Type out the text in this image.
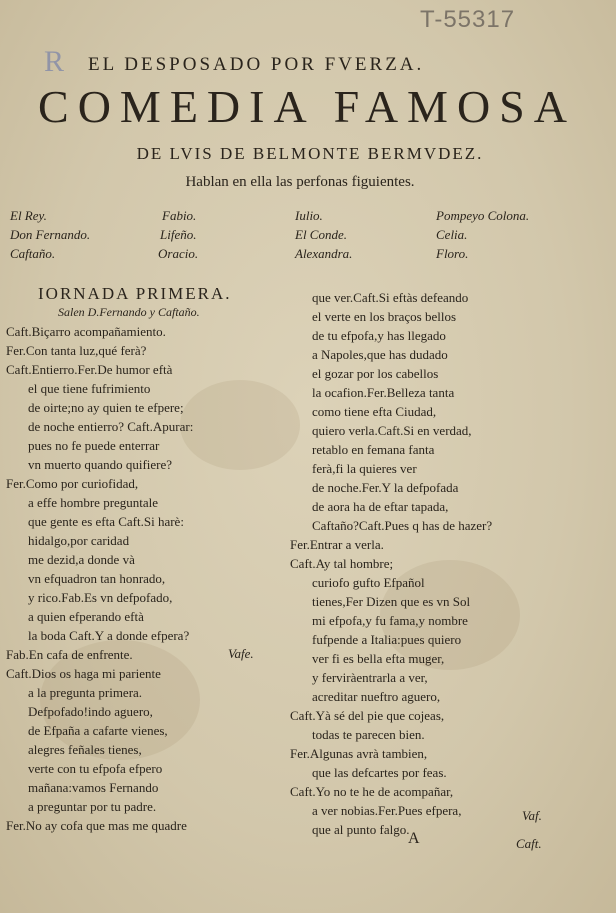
T-55317
R EL DESPOSADO POR FVERZA.
COMEDIA FAMOSA
DE LVIS DE BELMONTE BERMVDEZ.
Hablan en ella las perfonas figuientes.
El Rey.
Don Fernando.
Caftaño.
Fabio.
Lifeño.
Oracio.
Iulio.
El Conde.
Alexandra.
Pompeyo Colona.
Celia.
Floro.
IORNADA PRIMERA.
Salen D.Fernando y Caftaño.
Caft.Biçarro acompañamiento.
Fer.Con tanta luz,qué ferà?
Caft.Entierro.Fer.De humor eftà
el que tiene fufrimiento
de oirte;no ay quien te efpere;
de noche entierro? Caft.Apurar:
pues no fe puede enterrar
vn muerto quando quifiere?
Fer.Como por curiofidad,
a effe hombre preguntale
que gente es efta Caft.Si harè:
hidalgo,por caridad
me dezid,a donde và
vn efquadron tan honrado,
y rico.Fab.Es vn defpofado,
a quien efperando eftà
la boda Caft.Y a donde efpera?
Fab.En cafa de enfrente.
Caft.Dios os haga mi pariente
a la pregunta primera.
Defpofado!indo aguero,
de Efpaña a cafarte vienes,
alegres feñales tienes,
verte con tu efpofa efpero
mañana:vamos Fernando
a preguntar por tu padre.
Fer.No ay cofa que mas me quadre
Vafe.
que ver.Caft.Si eftàs defeando
el verte en los braços bellos
de tu efpofa,y has llegado
a Napoles,que has dudado
el gozar por los cabellos
la ocafion.Fer.Belleza tanta
como tiene efta Ciudad,
quiero verla.Caft.Si en verdad,
retablo en femana fanta
ferà,fi la quieres ver
de noche.Fer.Y la defpofada
de aora ha de eftar tapada,
Caftaño?Caft.Pues q has de hazer?
Fer.Entrar a verla.
Caft.Ay tal hombre;
curiofo gufto Efpañol
tienes,Fer Dizen que es vn Sol
mi efpofa,y fu fama,y nombre
fufpende a Italia:pues quiero
ver fi es bella efta muger,
y ferviràentrarla a ver,
acreditar nueftro aguero,
Caft.Yà sé del pie que cojeas,
todas te parecen bien.
Fer.Algunas avrà tambien,
que las defcartes por feas.
Caft.Yo no te he de acompañar,
a ver nobias.Fer.Pues efpera,
que al punto falgo.
Vaf.
A	Caft.
